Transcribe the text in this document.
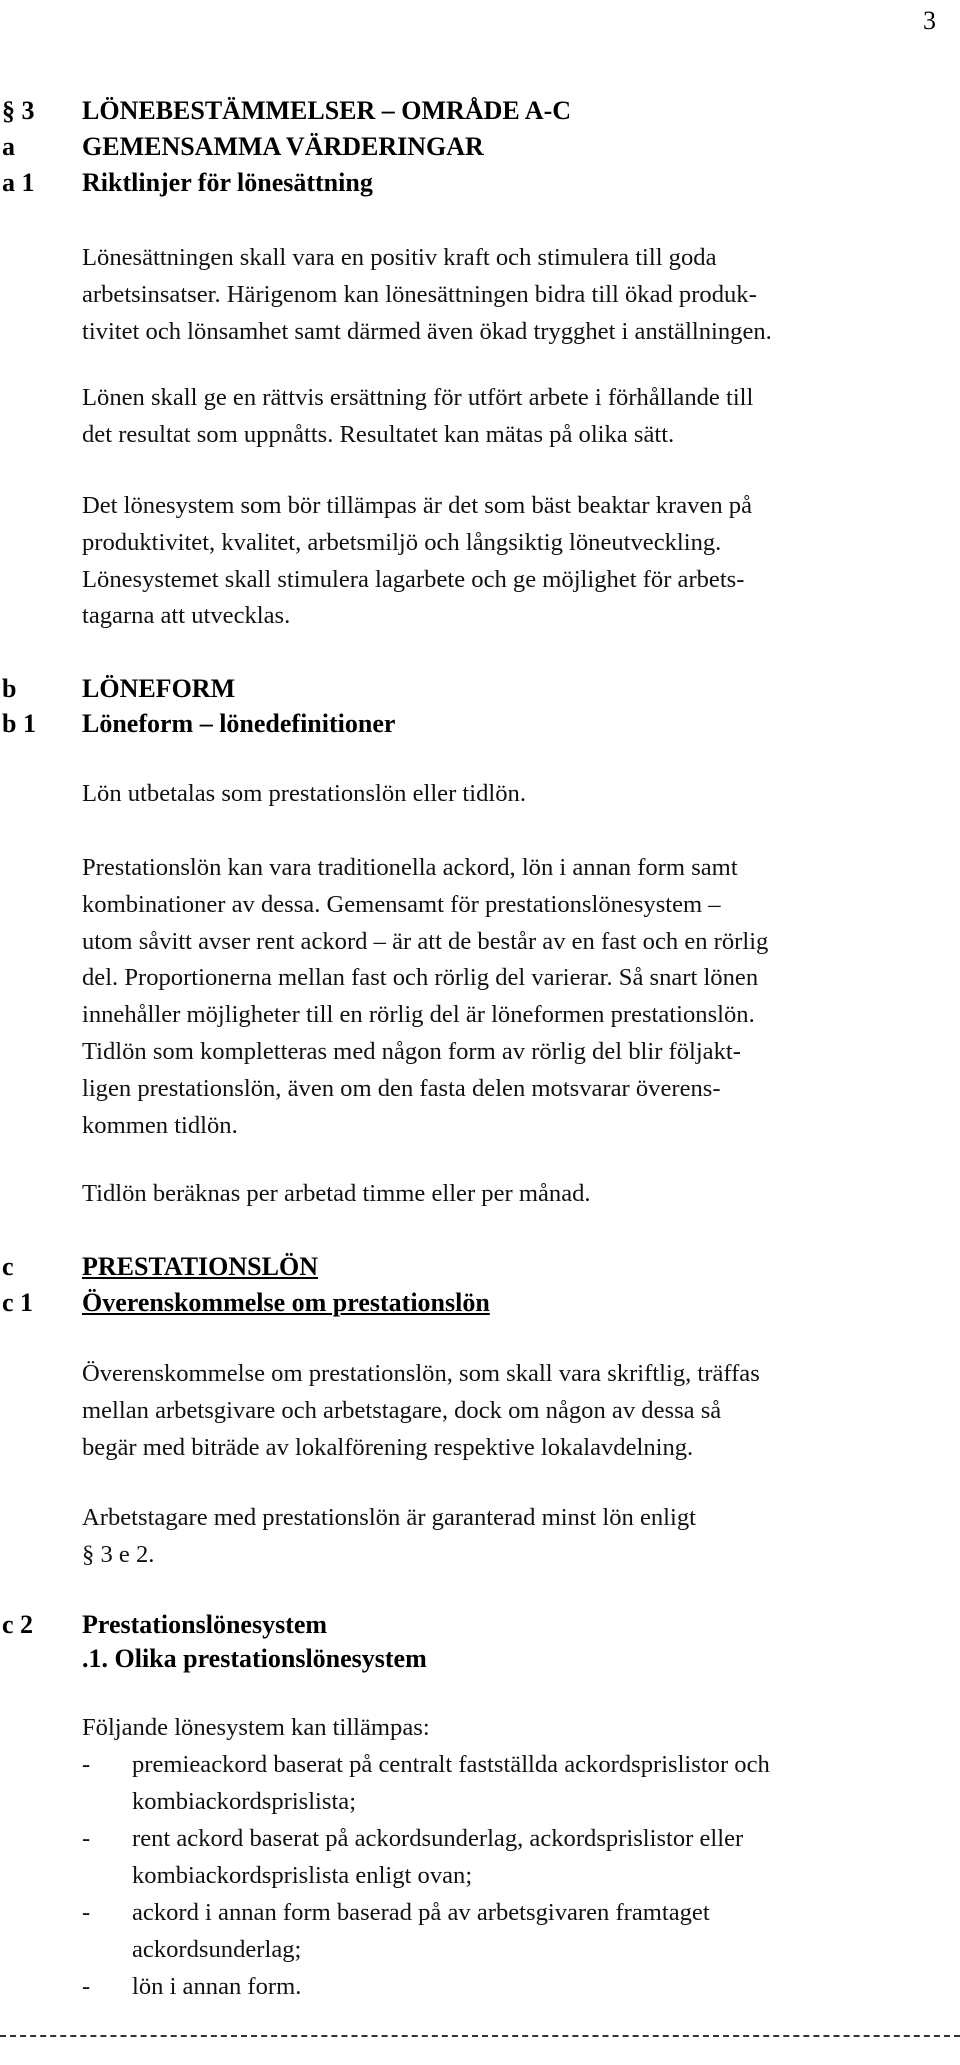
3
§ 3 LÖNEBESTÄMMELSER – OMRÅDE A-C
a	GEMENSAMMA VÄRDERINGAR
a 1 Riktlinjer för lönesättning
Lönesättningen skall vara en positiv kraft och stimulera till goda
arbetsinsatser. Härigenom kan lönesättningen bidra till ökad produk-
tivitet och lönsamhet samt därmed även ökad trygghet i anställningen.
Lönen skall ge en rättvis ersättning för utfört arbete i förhållande till
det resultat som uppnåtts. Resultatet kan mätas på olika sätt.
Det lönesystem som bör tillämpas är det som bäst beaktar kraven på
produktivitet, kvalitet, arbetsmiljö och långsiktig löneutveckling.
Lönesystemet skall stimulera lagarbete och ge möjlighet för arbets-
tagarna att utvecklas.
b	LÖNEFORM
b 1 Löneform – lönedefinitioner
Lön utbetalas som prestationslön eller tidlön.
Prestationslön kan vara traditionella ackord, lön i annan form samt
kombinationer av dessa. Gemensamt för prestationslönesystem –
utom såvitt avser rent ackord – är att de består av en fast och en rörlig
del. Proportionerna mellan fast och rörlig del varierar. Så snart lönen
innehåller möjligheter till en rörlig del är löneformen prestationslön.
Tidlön som kompletteras med någon form av rörlig del blir följakt-
ligen prestationslön, även om den fasta delen motsvarar överens-
kommen tidlön.
Tidlön beräknas per arbetad timme eller per månad.
c	PRESTATIONSLÖN
c 1 Överenskommelse om prestationslön
Överenskommelse om prestationslön, som skall vara skriftlig, träffas
mellan arbetsgivare och arbetstagare, dock om någon av dessa så
begär med biträde av lokalförening respektive lokalavdelning.
Arbetstagare med prestationslön är garanterad minst lön enligt
§ 3 e 2.
c 2 Prestationslönesystem
.1. Olika prestationslönesystem
Följande lönesystem kan tillämpas:
- premieackord baserat på centralt fastställda ackordsprislistor och
kombiackordsprislista;
- rent ackord baserat på ackordsunderlag, ackordsprislistor eller
kombiackordsprislista enligt ovan;
- ackord i annan form baserad på av arbetsgivaren framtaget
ackordsunderlag;
- lön i annan form.
